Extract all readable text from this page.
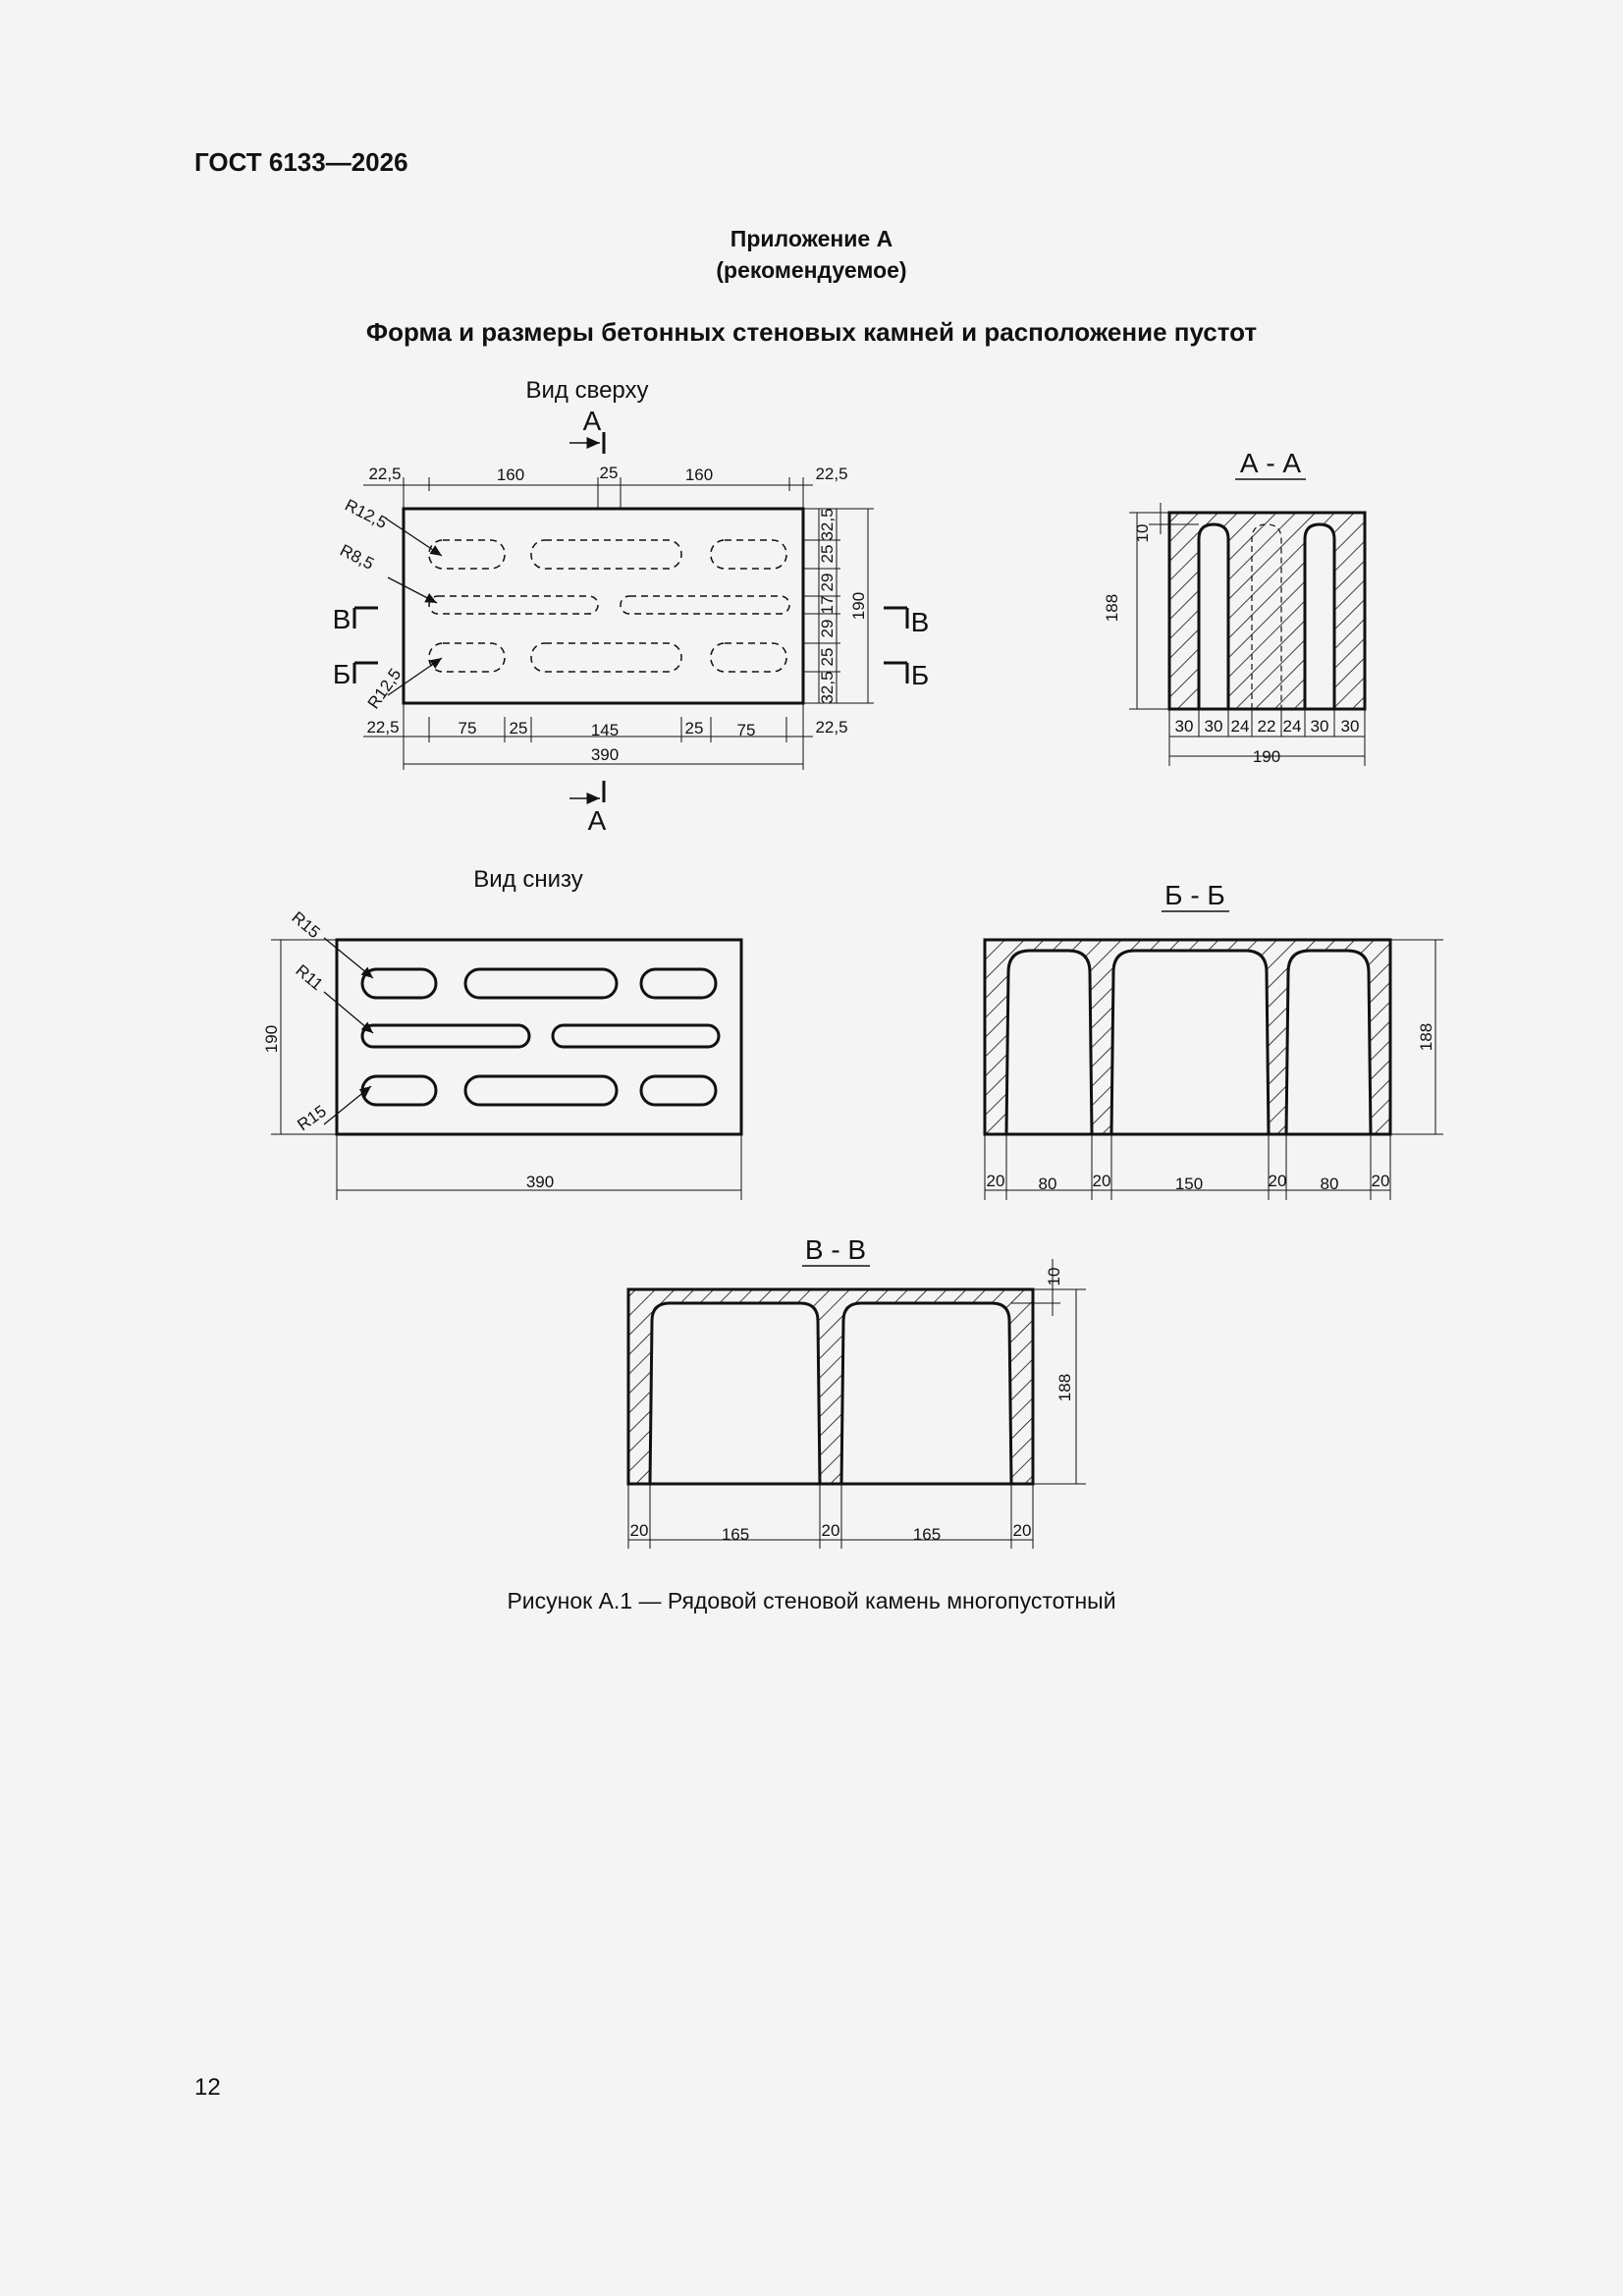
ГОСТ 6133—2026
Приложение А
(рекомендуемое)
Форма и размеры бетонных стеновых камней и расположение пустот
Вид сверху
А
А
R12,5
R8,5
R12,5
22,5	160	25	160	22,5
22,5	75 25	145	25 75	22,5
390
32,5
25
29
17
29
25
32,5
190
В
Б
В
Б
А - А
10
188
30 30 24 22 24 30 30
190
Вид снизу
R15
R11
R15
190
390
Б - Б
20 80 20	150	20 80 20
188
В - В
20	165	20	165	20
10
188
Рисунок А.1 — Рядовой стеновой камень многопустотный
12
